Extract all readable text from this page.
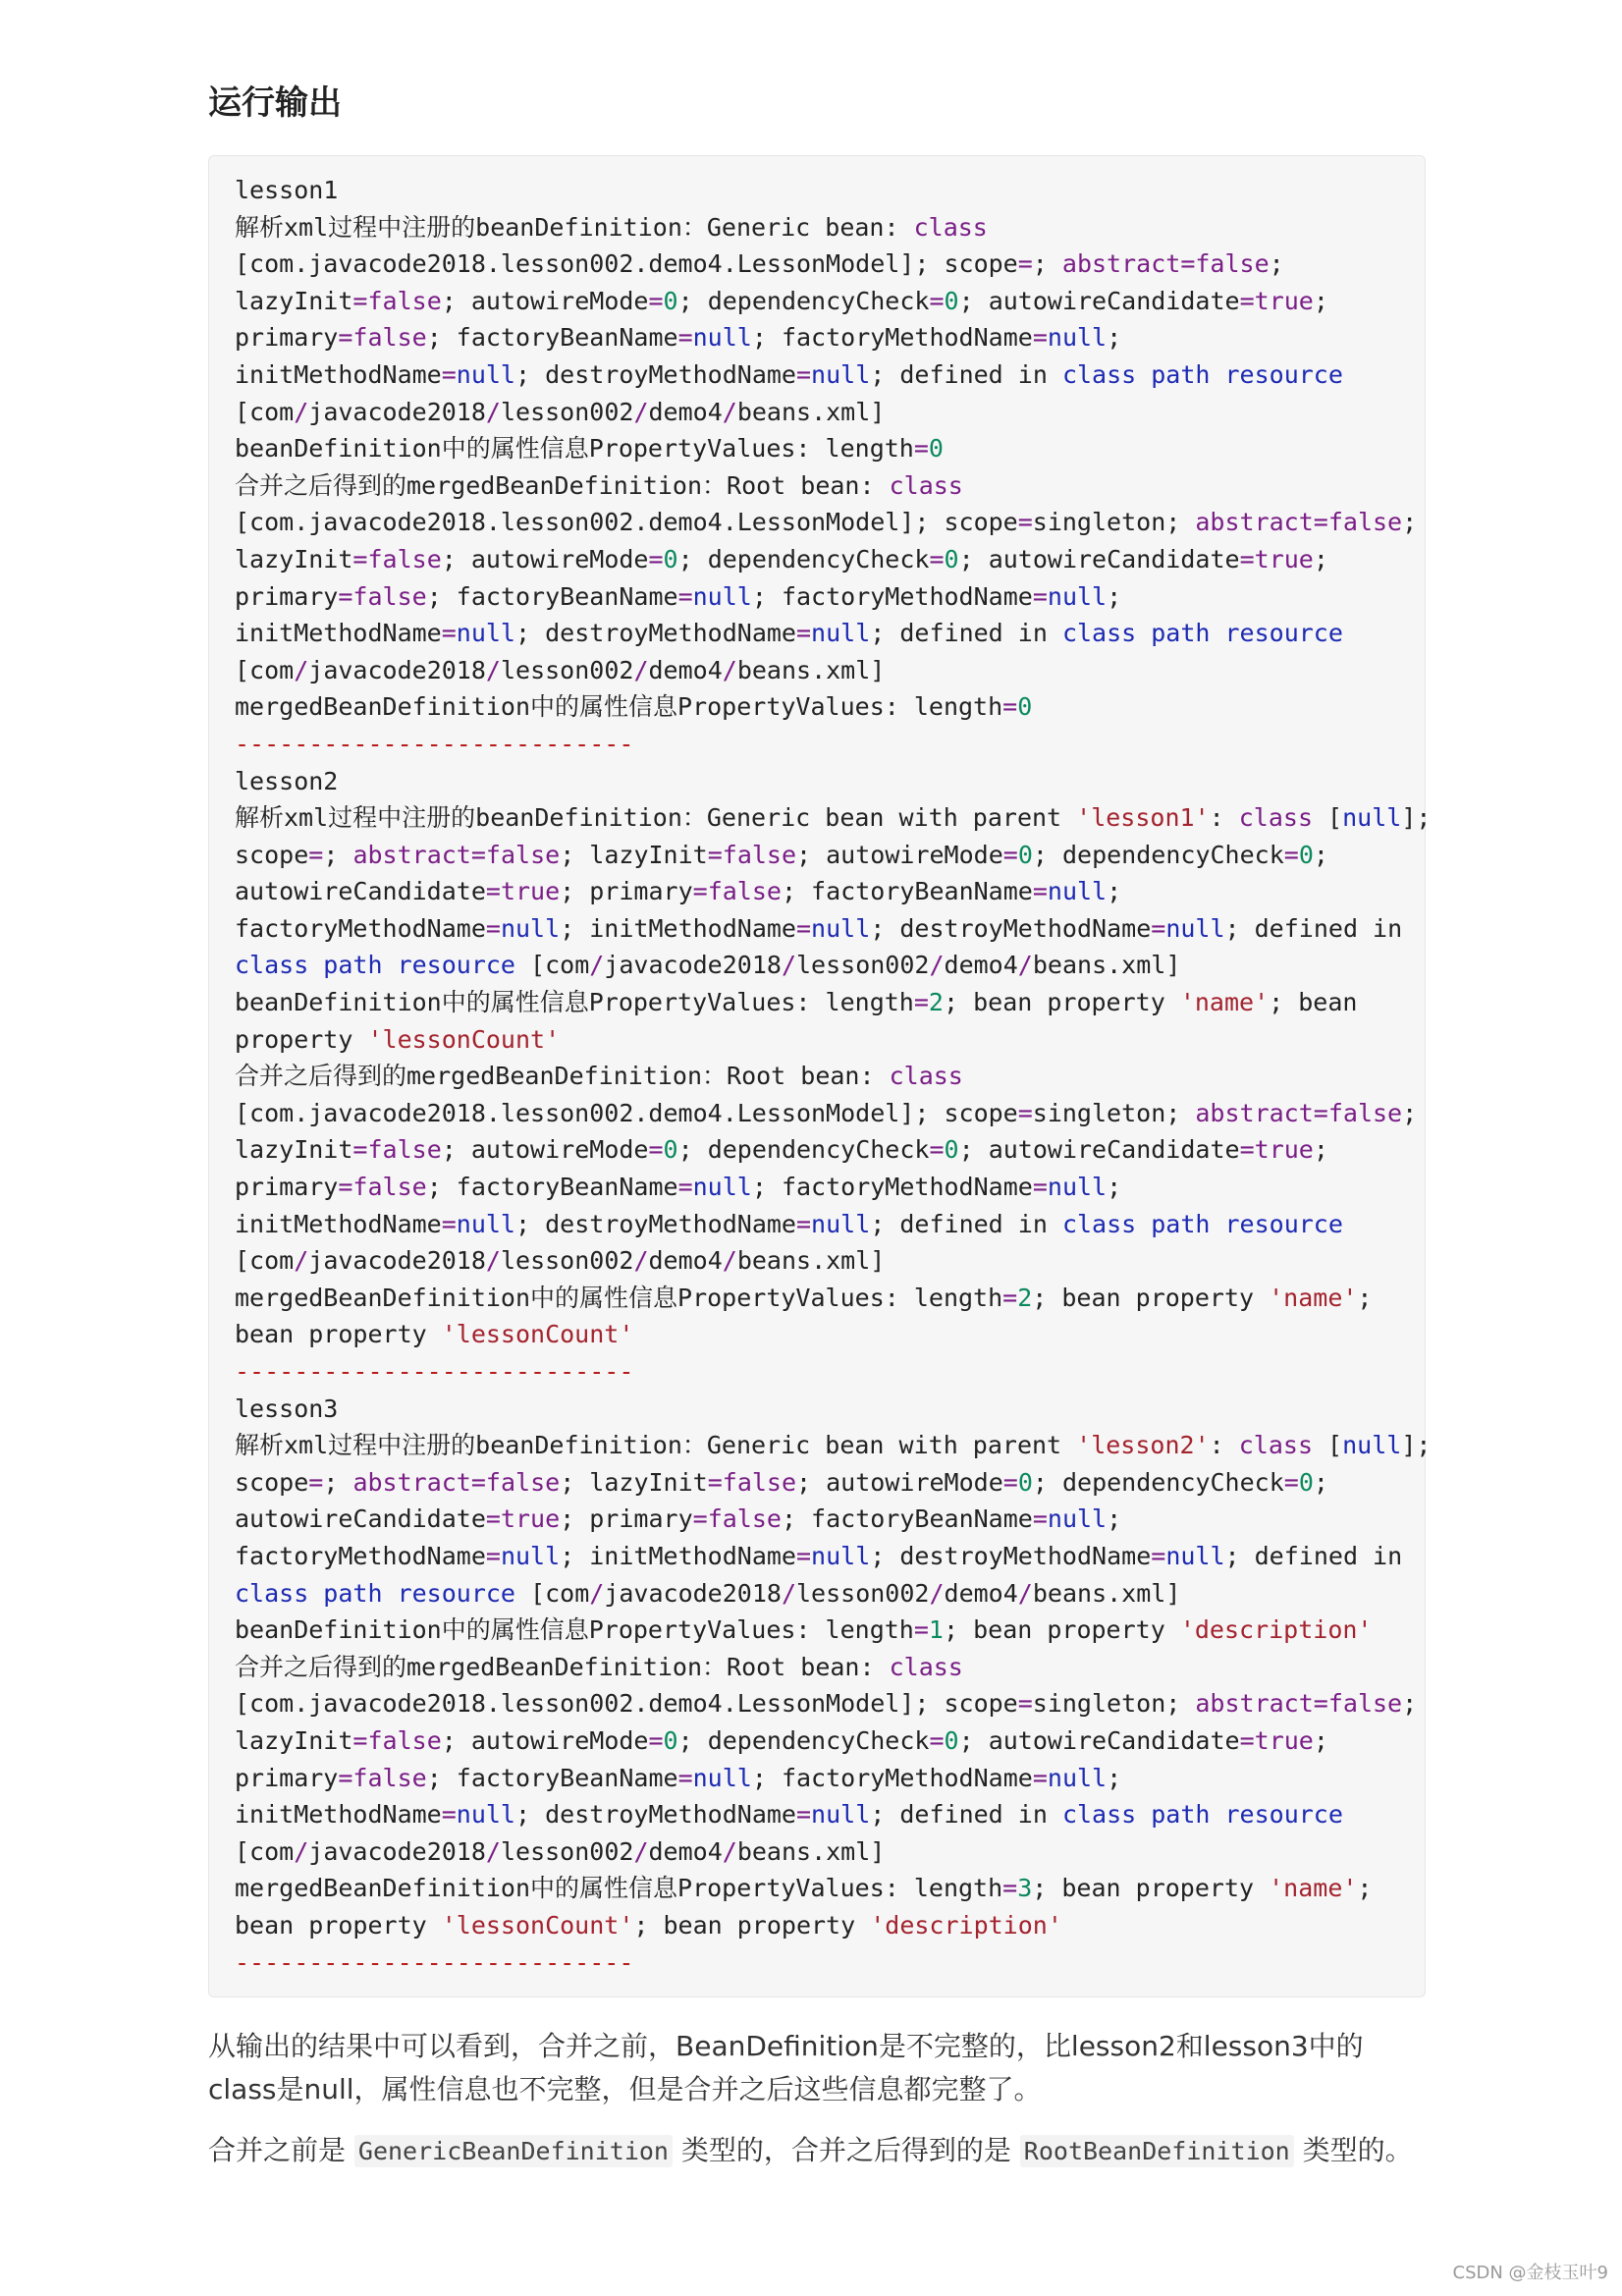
运行输出
lesson1
解析xml过程中注册的beanDefinition：Generic bean: class
[com.javacode2018.lesson002.demo4.LessonModel]; scope=; abstract=false;
lazyInit=false; autowireMode=0; dependencyCheck=0; autowireCandidate=true;
primary=false; factoryBeanName=null; factoryMethodName=null;
initMethodName=null; destroyMethodName=null; defined in class path resource
[com/javacode2018/lesson002/demo4/beans.xml]
beanDefinition中的属性信息PropertyValues: length=0
合并之后得到的mergedBeanDefinition：Root bean: class
[com.javacode2018.lesson002.demo4.LessonModel]; scope=singleton; abstract=false;
lazyInit=false; autowireMode=0; dependencyCheck=0; autowireCandidate=true;
primary=false; factoryBeanName=null; factoryMethodName=null;
initMethodName=null; destroyMethodName=null; defined in class path resource
[com/javacode2018/lesson002/demo4/beans.xml]
mergedBeanDefinition中的属性信息PropertyValues: length=0
---------------------------
lesson2
解析xml过程中注册的beanDefinition：Generic bean with parent 'lesson1': class [null];
scope=; abstract=false; lazyInit=false; autowireMode=0; dependencyCheck=0;
autowireCandidate=true; primary=false; factoryBeanName=null;
factoryMethodName=null; initMethodName=null; destroyMethodName=null; defined in
class path resource [com/javacode2018/lesson002/demo4/beans.xml]
beanDefinition中的属性信息PropertyValues: length=2; bean property 'name'; bean
property 'lessonCount'
合并之后得到的mergedBeanDefinition：Root bean: class
[com.javacode2018.lesson002.demo4.LessonModel]; scope=singleton; abstract=false;
lazyInit=false; autowireMode=0; dependencyCheck=0; autowireCandidate=true;
primary=false; factoryBeanName=null; factoryMethodName=null;
initMethodName=null; destroyMethodName=null; defined in class path resource
[com/javacode2018/lesson002/demo4/beans.xml]
mergedBeanDefinition中的属性信息PropertyValues: length=2; bean property 'name';
bean property 'lessonCount'
---------------------------
lesson3
解析xml过程中注册的beanDefinition：Generic bean with parent 'lesson2': class [null];
scope=; abstract=false; lazyInit=false; autowireMode=0; dependencyCheck=0;
autowireCandidate=true; primary=false; factoryBeanName=null;
factoryMethodName=null; initMethodName=null; destroyMethodName=null; defined in
class path resource [com/javacode2018/lesson002/demo4/beans.xml]
beanDefinition中的属性信息PropertyValues: length=1; bean property 'description'
合并之后得到的mergedBeanDefinition：Root bean: class
[com.javacode2018.lesson002.demo4.LessonModel]; scope=singleton; abstract=false;
lazyInit=false; autowireMode=0; dependencyCheck=0; autowireCandidate=true;
primary=false; factoryBeanName=null; factoryMethodName=null;
initMethodName=null; destroyMethodName=null; defined in class path resource
[com/javacode2018/lesson002/demo4/beans.xml]
mergedBeanDefinition中的属性信息PropertyValues: length=3; bean property 'name';
bean property 'lessonCount'; bean property 'description'
---------------------------

从输出的结果中可以看到，合并之前，BeanDefinition是不完整的，比lesson2和lesson3中的class是null，属性信息也不完整，但是合并之后这些信息都完整了。

合并之前是 GenericBeanDefinition 类型的，合并之后得到的是 RootBeanDefinition 类型的。

CSDN @金枝玉叶9
